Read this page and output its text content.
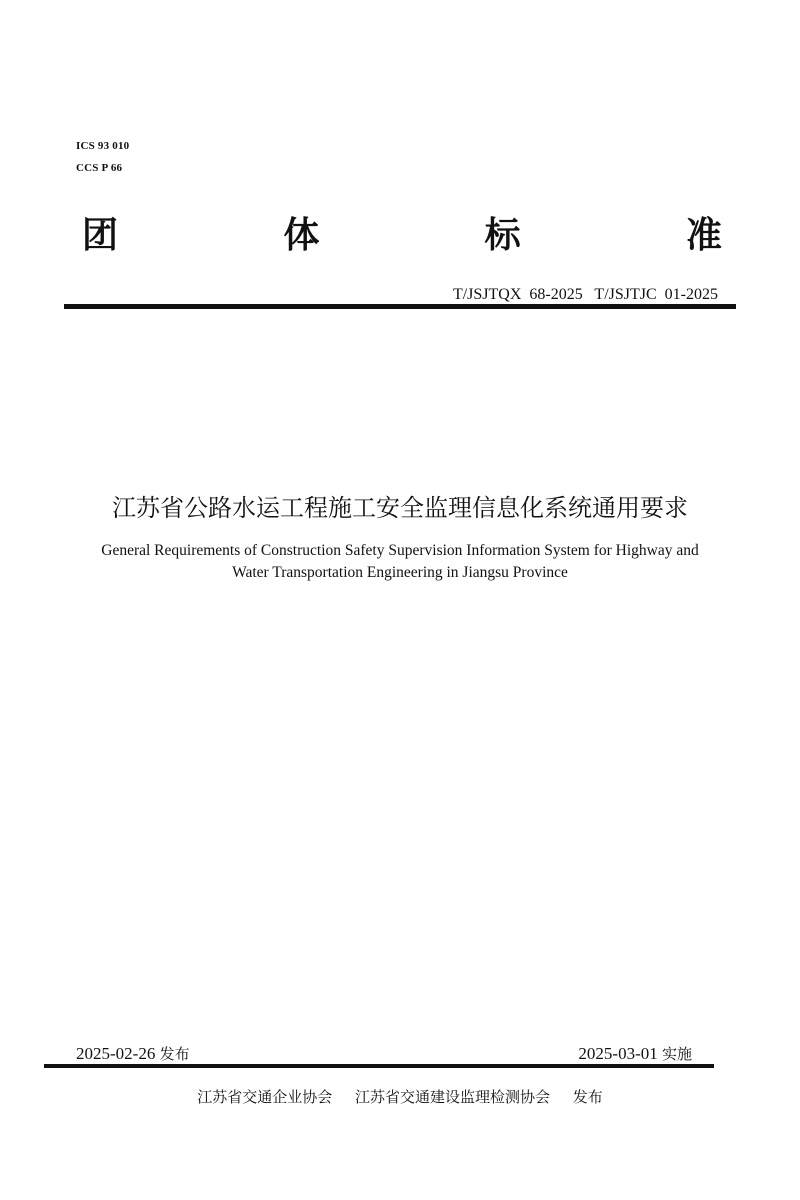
ICS 93 010
CCS P 66
团	体	标	准
T/JSJTQX  68-2025   T/JSJTJC  01-2025
江苏省公路水运工程施工安全监理信息化系统通用要求
General Requirements of Construction Safety Supervision Information System for Highway and
Water Transportation Engineering in Jiangsu Province
2025-02-26 发布	2025-03-01 实施
江苏省交通企业协会 江苏省交通建设监理检测协会 发布
